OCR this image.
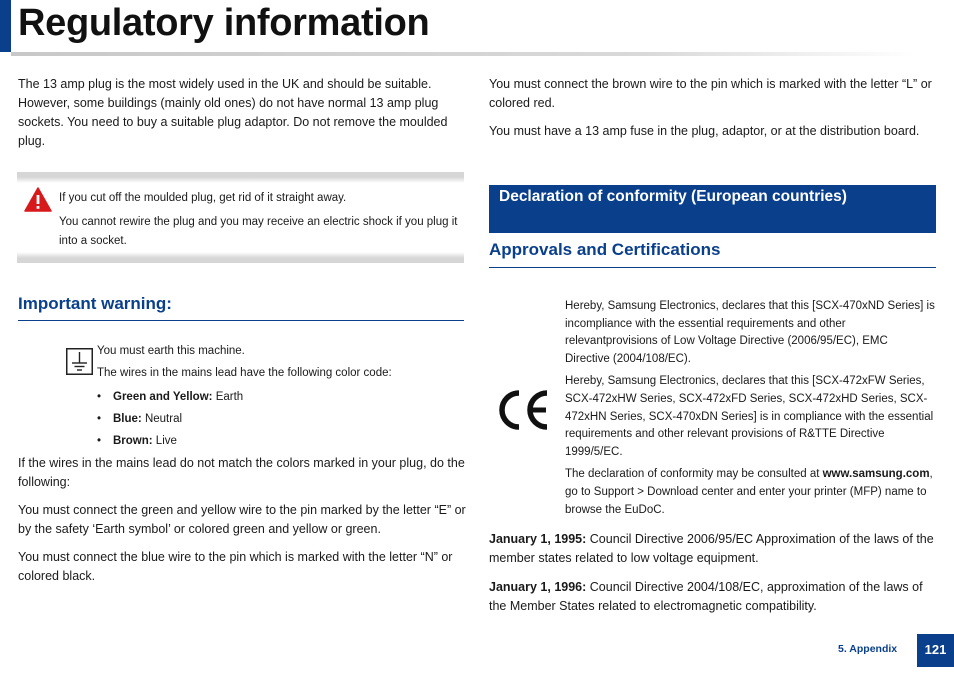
Regulatory information

The 13 amp plug is the most widely used in the UK and should be suitable. However, some buildings (mainly old ones) do not have normal 13 amp plug sockets. You need to buy a suitable plug adaptor. Do not remove the moulded plug.

If you cut off the moulded plug, get rid of it straight away.

You cannot rewire the plug and you may receive an electric shock if you plug it into a socket.

Important warning:
You must earth this machine.
The wires in the mains lead have the following color code:
• Green and Yellow: Earth
• Blue: Neutral
• Brown: Live

If the wires in the mains lead do not match the colors marked in your plug, do the following:

You must connect the green and yellow wire to the pin marked by the letter “E” or by the safety ‘Earth symbol’ or colored green and yellow or green.

You must connect the blue wire to the pin which is marked with the letter “N” or colored black.

You must connect the brown wire to the pin which is marked with the letter “L” or colored red.

You must have a 13 amp fuse in the plug, adaptor, or at the distribution board.

Declaration of conformity (European countries)
Approvals and Certifications

Hereby, Samsung Electronics, declares that this [SCX-470xND Series] is incompliance with the essential requirements and other relevantprovisions of Low Voltage Directive (2006/95/EC), EMC Directive (2004/108/EC).

Hereby, Samsung Electronics, declares that this [SCX-472xFW Series, SCX-472xHW Series, SCX-472xFD Series, SCX-472xHD Series, SCX-472xHN Series, SCX-470xDN Series] is in compliance with the essential requirements and other relevant provisions of R&TTE Directive 1999/5/EC.

The declaration of conformity may be consulted at www.samsung.com, go to Support > Download center and enter your printer (MFP) name to browse the EuDoC.

January 1, 1995: Council Directive 2006/95/EC Approximation of the laws of the member states related to low voltage equipment.

January 1, 1996: Council Directive 2004/108/EC, approximation of the laws of the Member States related to electromagnetic compatibility.

5. Appendix	121
